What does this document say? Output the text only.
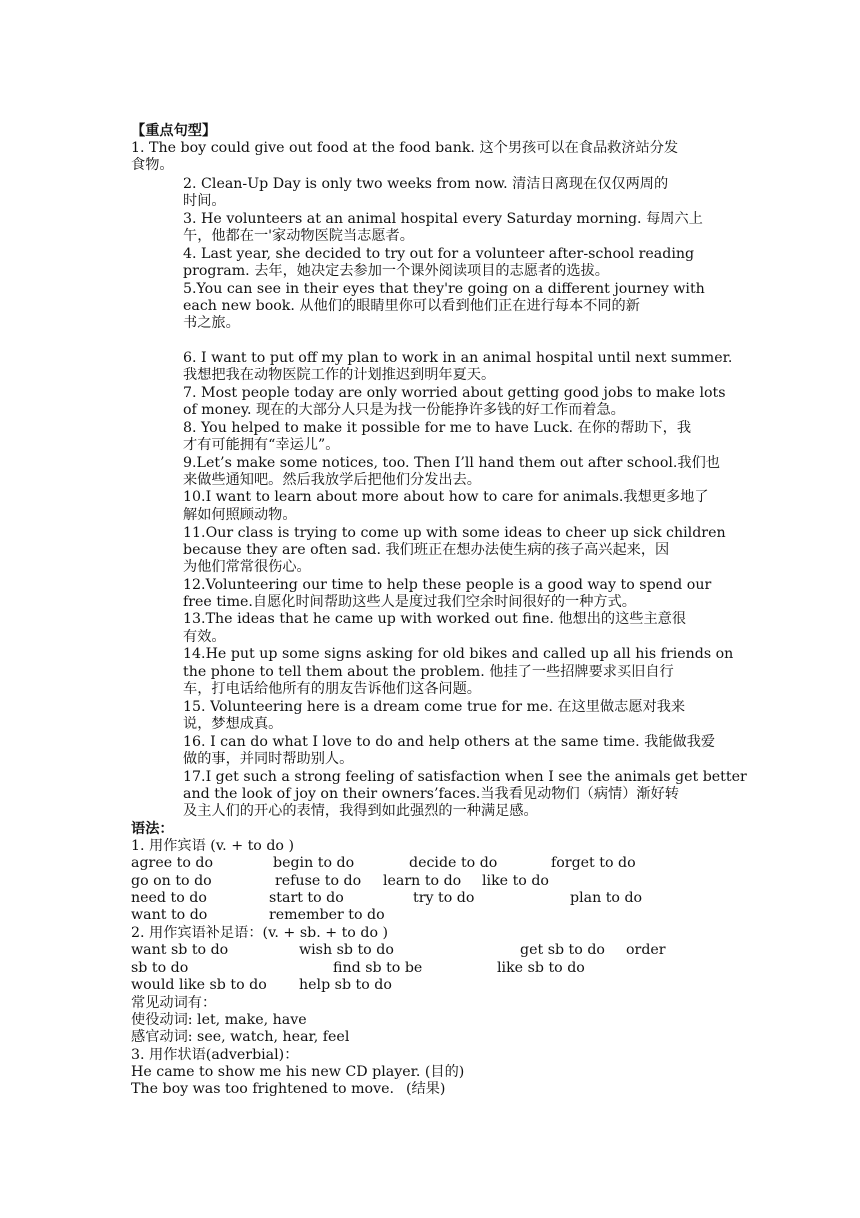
【重点句型】
1. The boy could give out food at the food bank. 这个男孩可以在食品救济站分发
食物。
2. Clean-Up Day is only two weeks from now. 清洁日离现在仅仅两周的
时间。
3. He volunteers at an animal hospital every Saturday morning. 每周六上
午，他都在一'家动物医院当志愿者。
4. Last year, she decided to try out for a volunteer after-school reading
program. 去年，她决定去参加一个课外阅读项目的志愿者的选拔。
5.You can see in their eyes that they're going on a different journey with
each new book. 从他们的眼睛里你可以看到他们正在进行每本不同的新
书之旅。
6. I want to put off my plan to work in an animal hospital until next summer.
我想把我在动物医院工作的计划推迟到明年夏天。
7. Most people today are only worried about getting good jobs to make lots
of money. 现在的大部分人只是为找一份能挣许多钱的好工作而着急。
8. You helped to make it possible for me to have Luck. 在你的帮助下，我
才有可能拥有“幸运儿”。
9.Let’s make some notices, too. Then I’ll hand them out after school.我们也
来做些通知吧。然后我放学后把他们分发出去。
10.I want to learn about more about how to care for animals.我想更多地了
解如何照顾动物。
11.Our class is trying to come up with some ideas to cheer up sick children
because they are often sad. 我们班正在想办法使生病的孩子高兴起来，因
为他们常常很伤心。
12.Volunteering our time to help these people is a good way to spend our
free time.自愿化时间帮助这些人是度过我们空余时间很好的一种方式。
13.The ideas that he came up with worked out fine. 他想出的这些主意很
有效。
14.He put up some signs asking for old bikes and called up all his friends on
the phone to tell them about the problem. 他挂了一些招牌要求买旧自行
车，打电话给他所有的朋友告诉他们这各问题。
15. Volunteering here is a dream come true for me. 在这里做志愿对我来
说，梦想成真。
16. I can do what I love to do and help others at the same time. 我能做我爱
做的事，并同时帮助别人。
17.I get such a strong feeling of satisfaction when I see the animals get better
and the look of joy on their owners’faces.当我看见动物们（病情）渐好转
及主人们的开心的表情，我得到如此强烈的一种满足感。
语法：
1. 用作宾语 (v. + to do )
agree to do	begin to do	decide to do	forget to do
go on to do	refuse to do learn to do like to do
need to do	start to do	try to do	plan to do
want to do	remember to do
2. 用作宾语补足语：(v. + sb. + to do )
want sb to do	wish sb to do	get sb to do order
sb to do	find sb to be	like sb to do
would like sb to do help sb to do
常见动词有：
使役动词: let, make, have
感官动词: see, watch, hear, feel
3. 用作状语(adverbial)：
He came to show me his new CD player. (目的)
The boy was too frightened to move. (结果)
